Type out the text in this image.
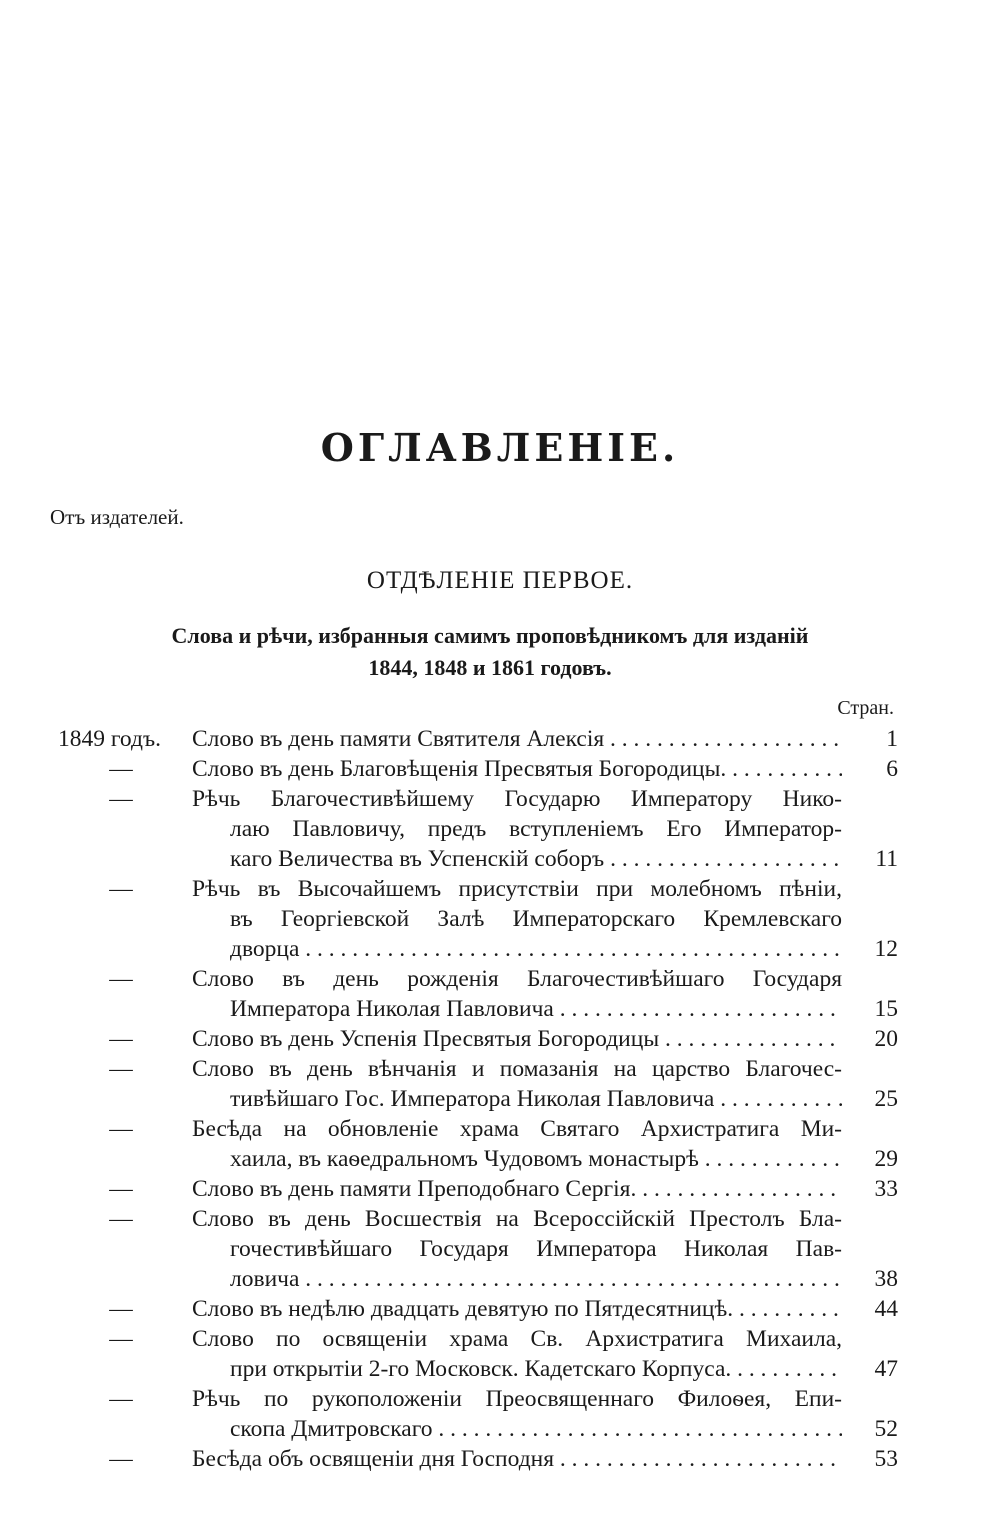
ОГЛАВЛЕНІЕ.
Отъ издателей.
ОТДѢЛЕНІЕ ПЕРВОЕ.
Слова и рѣчи, избранныя самимъ проповѣдникомъ для изданій
1844, 1848 и 1861 годовъ.
Стран.
1849 годъ. Слово въ день памяти Святителя Алексія . . .	1
—	Слово въ день Благовѣщенія Пресвятыя Богородицы. . . .	6
—	Рѣчь Благочестивѣйшему Государю Императору Нико-
лаю Павловичу, предъ вступленіемъ Его Император-
каго Величества въ Успенскій соборъ . . .	11
—	Рѣчь въ Высочайшемъ присутствіи при молебномъ пѣніи,
въ Георгіевской Залѣ Императорскаго Кремлевскаго
дворца . . .	12
—	Слово въ день рожденія Благочестивѣйшаго Государя
Императора Николая Павловича . . .	15
—	Слово въ день Успенія Пресвятыя Богородицы . . .	20
—	Слово въ день вѣнчанія и помазанія на царство Благочес-
тивѣйшаго Гос. Императора Николая Павловича . . .	25
—	Бесѣда на обновленіе храма Святаго Архистратига Ми-
хаила, въ каѳедральномъ Чудовомъ монастырѣ . . .	29
—	Слово въ день памяти Преподобнаго Сергія. . . .	33
—	Слово въ день Восшествія на Всероссійскій Престолъ Бла-
гочестивѣйшаго Государя Императора Николая Пав-
ловича . . .	38
—	Слово въ недѣлю двадцать девятую по Пятдесятницѣ. . . .	44
—	Слово по освященіи храма Св. Архистратига Михаила,
при открытіи 2-го Московск. Кадетскаго Корпуса. . . .	47
—	Рѣчь по рукоположеніи Преосвященнаго Филоѳея, Епи-
скопа Дмитровскаго . . .	52
—	Бесѣда объ освященіи дня Господня . . .	53
